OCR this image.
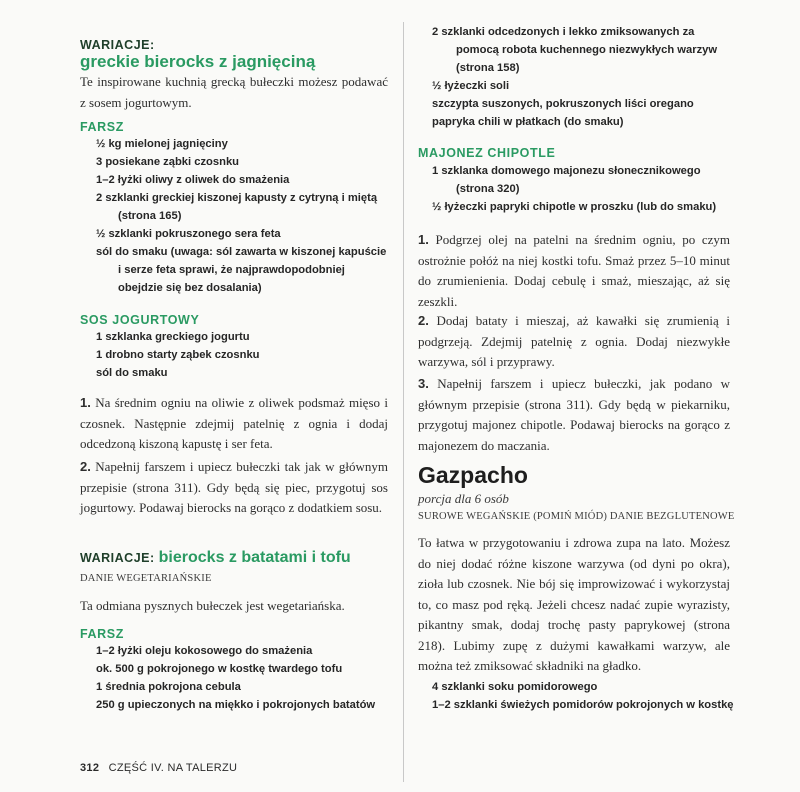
WARIACJE:
greckie bierocks z jagnięciną
Te inspirowane kuchnią grecką bułeczki możesz podawać z sosem jogurtowym.
FARSZ
½ kg mielonej jagnięciny
3 posiekane ząbki czosnku
1–2 łyżki oliwy z oliwek do smażenia
2 szklanki greckiej kiszonej kapusty z cytryną i miętą
(strona 165)
½ szklanki pokruszonego sera feta
sól do smaku (uwaga: sól zawarta w kiszonej kapuście
i serze feta sprawi, że najprawdopodobniej
obejdzie się bez dosalania)
SOS JOGURTOWY
1 szklanka greckiego jogurtu
1 drobno starty ząbek czosnku
sól do smaku
1. Na średnim ogniu na oliwie z oliwek podsmaż mięso i czosnek. Następnie zdejmij patelnię z ognia i dodaj odcedzoną kiszoną kapustę i ser feta.
2. Napełnij farszem i upiecz bułeczki tak jak w głównym przepisie (strona 311). Gdy będą się piec, przygotuj sos jogurtowy. Podawaj bierocks na gorąco z dodatkiem sosu.
WARIACJE: bierocks z batatami i tofu
DANIE WEGETARIAŃSKIE
Ta odmiana pysznych bułeczek jest wegetariańska.
FARSZ
1–2 łyżki oleju kokosowego do smażenia
ok. 500 g pokrojonego w kostkę twardego tofu
1 średnia pokrojona cebula
250 g upieczonych na miękko i pokrojonych batatów
2 szklanki odcedzonych i lekko zmiksowanych za
pomocą robota kuchennego niezwykłych warzyw
(strona 158)
½ łyżeczki soli
szczypta suszonych, pokruszonych liści oregano
papryka chili w płatkach (do smaku)
MAJONEZ CHIPOTLE
1 szklanka domowego majonezu słonecznikowego
(strona 320)
½ łyżeczki papryki chipotle w proszku (lub do smaku)
1. Podgrzej olej na patelni na średnim ogniu, po czym ostrożnie połóż na niej kostki tofu. Smaż przez 5–10 minut do zrumienienia. Dodaj cebulę i smaż, mieszając, aż się zeszkli.
2. Dodaj bataty i mieszaj, aż kawałki się zrumienią i podgrzeją. Zdejmij patelnię z ognia. Dodaj niezwykłe warzywa, sól i przyprawy.
3. Napełnij farszem i upiecz bułeczki, jak podano w głównym przepisie (strona 311). Gdy będą w piekarniku, przygotuj majonez chipotle. Podawaj bierocks na gorąco z majonezem do maczania.
Gazpacho
porcja dla 6 osób
SUROWE WEGAŃSKIE (POMIŃ MIÓD) DANIE BEZGLUTENOWE
To łatwa w przygotowaniu i zdrowa zupa na lato. Możesz do niej dodać różne kiszone warzywa (od dyni po okra), zioła lub czosnek. Nie bój się improwizować i wykorzystaj to, co masz pod ręką. Jeżeli chcesz nadać zupie wyrazisty, pikantny smak, dodaj trochę pasty paprykowej (strona 218). Lubimy zupę z dużymi kawałkami warzyw, ale można też zmiksować składniki na gładko.
4 szklanki soku pomidorowego
1–2 szklanki świeżych pomidorów pokrojonych w kostkę
312 CZĘŚĆ IV. NA TALERZU
